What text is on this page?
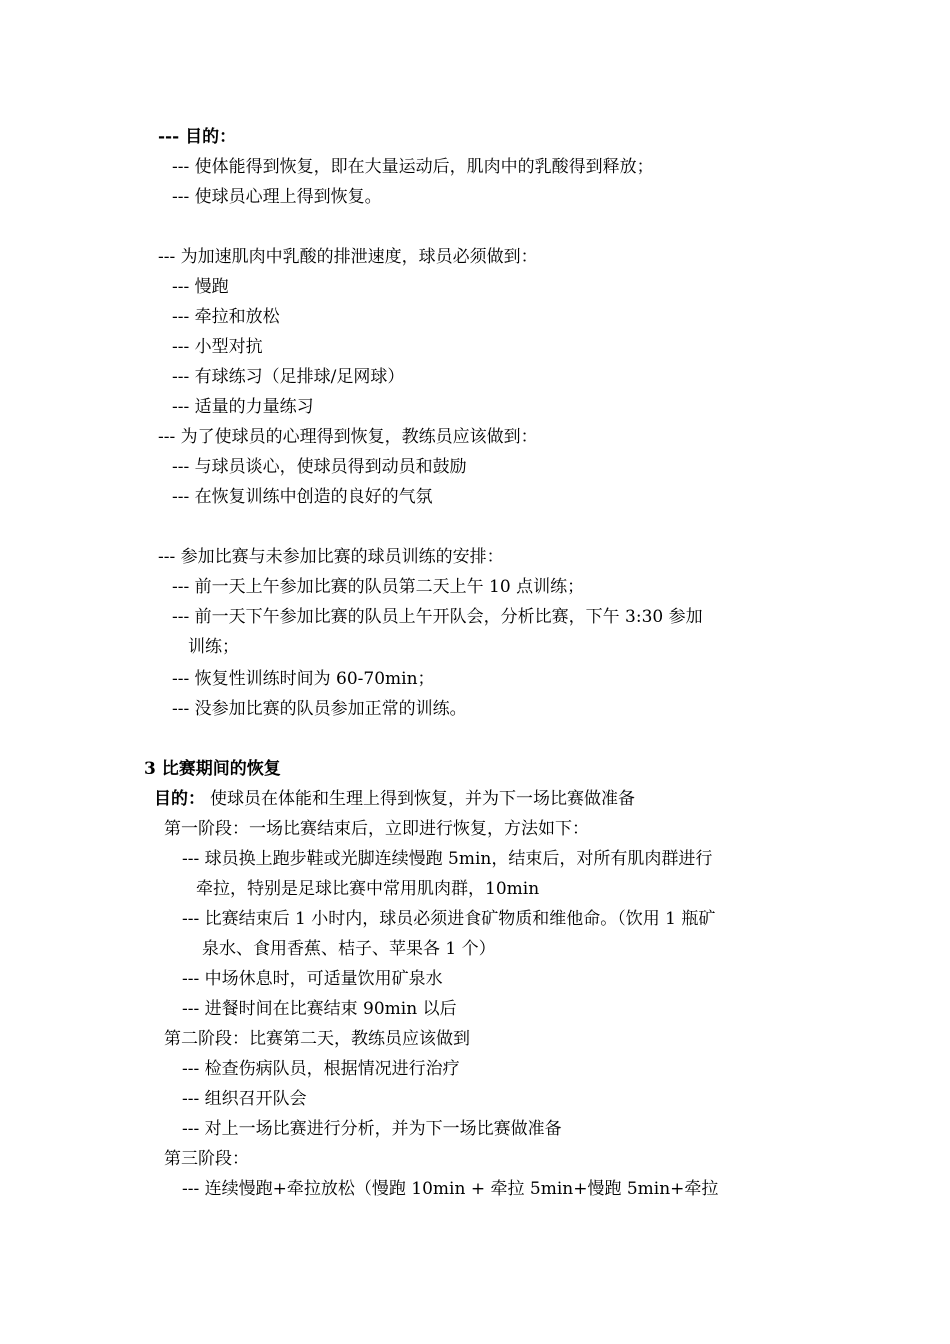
--- 目的：
--- 使体能得到恢复，即在大量运动后，肌肉中的乳酸得到释放；
--- 使球员心理上得到恢复。
--- 为加速肌肉中乳酸的排泄速度，球员必须做到：
--- 慢跑
--- 牵拉和放松
--- 小型对抗
--- 有球练习（足排球/足网球）
--- 适量的力量练习
--- 为了使球员的心理得到恢复，教练员应该做到：
--- 与球员谈心，使球员得到动员和鼓励
--- 在恢复训练中创造的良好的气氛
--- 参加比赛与未参加比赛的球员训练的安排：
--- 前一天上午参加比赛的队员第二天上午 10 点训练；
--- 前一天下午参加比赛的队员上午开队会，分析比赛，下午 3:30 参加
训练；
--- 恢复性训练时间为 60-70min；
--- 没参加比赛的队员参加正常的训练。
3 比赛期间的恢复
目的： 使球员在体能和生理上得到恢复，并为下一场比赛做准备
第一阶段：一场比赛结束后，立即进行恢复，方法如下：
--- 球员换上跑步鞋或光脚连续慢跑 5min，结束后，对所有肌肉群进行
牵拉，特别是足球比赛中常用肌肉群，10min
--- 比赛结束后 1 小时内，球员必须进食矿物质和维他命。（饮用 1 瓶矿
泉水、食用香蕉、桔子、苹果各 1 个）
--- 中场休息时，可适量饮用矿泉水
--- 进餐时间在比赛结束 90min 以后
第二阶段：比赛第二天，教练员应该做到
--- 检查伤病队员，根据情况进行治疗
--- 组织召开队会
--- 对上一场比赛进行分析，并为下一场比赛做准备
第三阶段：
--- 连续慢跑+牵拉放松（慢跑 10min + 牵拉 5min+慢跑 5min+牵拉
